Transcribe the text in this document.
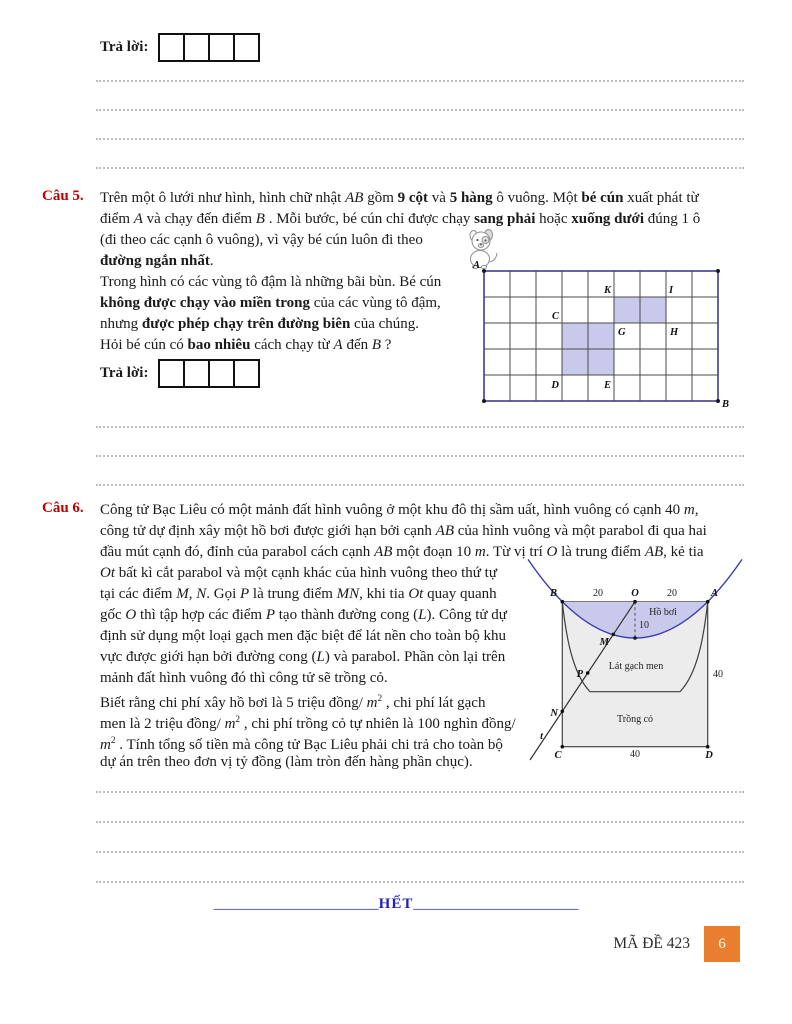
Trả lời:
Câu 5.	Trên một ô lưới như hình, hình chữ nhật AB gồm 9 cột và 5 hàng ô vuông. Một bé cún xuất phát từ
điểm A và chạy đến điểm B . Mỗi bước, bé cún chỉ được chạy sang phải hoặc xuống dưới đúng 1 ô
(đi theo các cạnh ô vuông), vì vậy bé cún luôn đi theo
đường ngắn nhất.
Trong hình có các vùng tô đậm là những bãi bùn. Bé cún
không được chạy vào miền trong của các vùng tô đậm,
nhưng được phép chạy trên đường biên của chúng.
Hỏi bé cún có bao nhiêu cách chạy từ A đến B ?
Trả lời:
A
B
K	I
C
G	H
D	E
Câu 6.	Công tử Bạc Liêu có một mảnh đất hình vuông ở một khu đô thị sầm uất, hình vuông có cạnh 40 m,
công tử dự định xây một hồ bơi được giới hạn bởi cạnh AB của hình vuông và một parabol đi qua hai
đầu mút cạnh đó, đỉnh của parabol cách cạnh AB một đoạn 10 m. Từ vị trí O là trung điểm AB, kẻ tia
Ot bất kì cắt parabol và một cạnh khác của hình vuông theo thứ tự
tại các điểm M, N. Gọi P là trung điểm MN, khi tia Ot quay quanh
gốc O thì tập hợp các điểm P tạo thành đường cong (L). Công tử dự
định sử dụng một loại gạch men đặc biệt để lát nền cho toàn bộ khu
vực được giới hạn bởi đường cong (L) và parabol. Phần còn lại trên
mảnh đất hình vuông đó thì công tử sẽ trồng cỏ.
Biết rằng chi phí xây hồ bơi là 5 triệu đồng/ $m^2$ , chi phí lát gạch
men là 2 triệu đồng/ $m^2$ , chi phí trồng cỏ tự nhiên là 100 nghìn đồng/
$m^2$ . Tính tổng số tiền mà công tử Bạc Liêu phải chi trả cho toàn bộ
dự án trên theo đơn vị tỷ đồng (làm tròn đến hàng phần chục).
B	O	A
20	20
Hồ bơi
10
M
P
N
t
Lát gạch men
Trồng cỏ
40
40
C	D
______________________HẾT______________________
MÃ ĐỀ 423	6
